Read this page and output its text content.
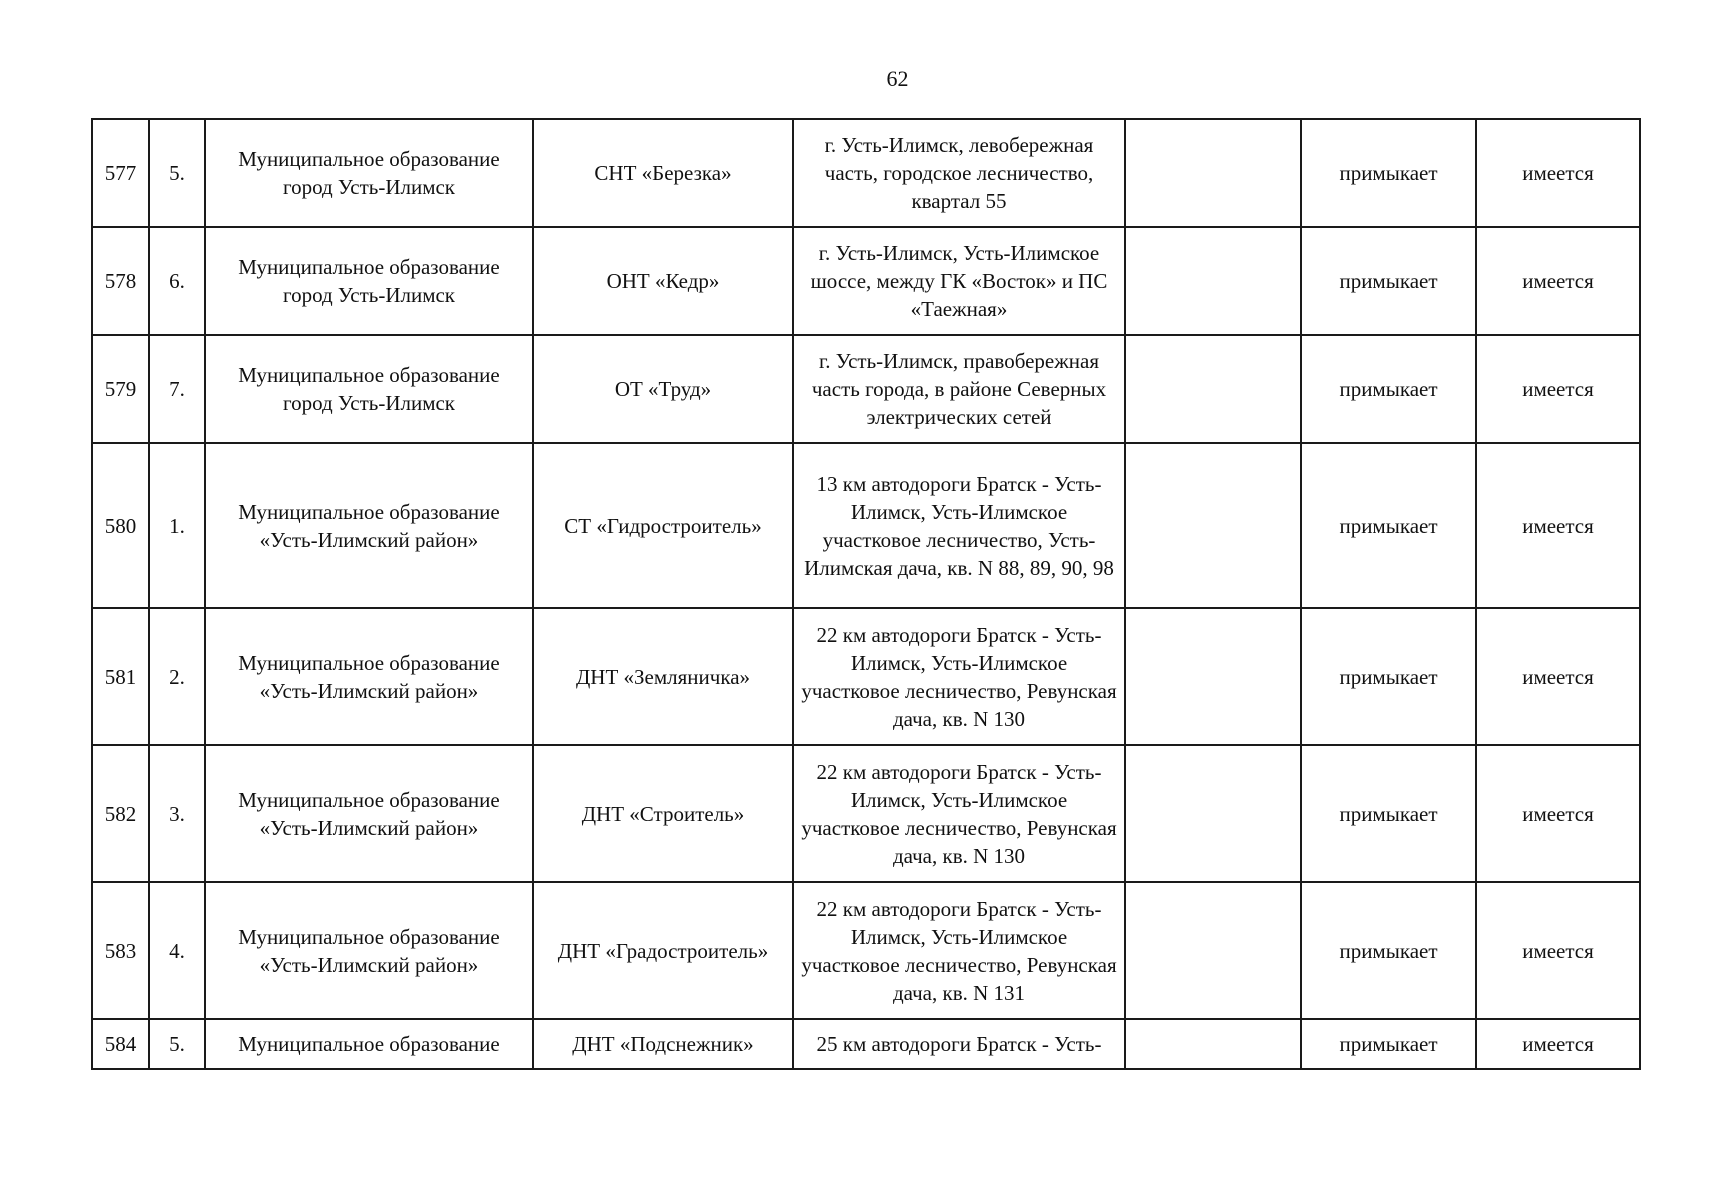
62
577	5.	Муниципальное образование город Усть-Илимск	СНТ «Березка»	г. Усть-Илимск, левобережная часть, городское лесничество, квартал 55		примыкает	имеется
578	6.	Муниципальное образование город Усть-Илимск	ОНТ «Кедр»	г. Усть-Илимск, Усть-Илимское шоссе, между ГК «Восток» и ПС «Таежная»		примыкает	имеется
579	7.	Муниципальное образование город Усть-Илимск	ОТ «Труд»	г. Усть-Илимск, правобережная часть города, в районе Северных электрических сетей		примыкает	имеется
580	1.	Муниципальное образование «Усть-Илимский район»	СТ «Гидростроитель»	13 км автодороги Братск - Усть-Илимск, Усть-Илимское участковое лесничество, Усть-Илимская дача, кв. N 88, 89, 90, 98		примыкает	имеется
581	2.	Муниципальное образование «Усть-Илимский район»	ДНТ «Земляничка»	22 км автодороги Братск - Усть-Илимск, Усть-Илимское участковое лесничество, Ревунская дача, кв. N 130		примыкает	имеется
582	3.	Муниципальное образование «Усть-Илимский район»	ДНТ «Строитель»	22 км автодороги Братск - Усть-Илимск, Усть-Илимское участковое лесничество, Ревунская дача, кв. N 130		примыкает	имеется
583	4.	Муниципальное образование «Усть-Илимский район»	ДНТ «Градостроитель»	22 км автодороги Братск - Усть-Илимск, Усть-Илимское участковое лесничество, Ревунская дача, кв. N 131		примыкает	имеется
584	5.	Муниципальное образование	ДНТ «Подснежник»	25 км автодороги Братск - Усть-		примыкает	имеется
